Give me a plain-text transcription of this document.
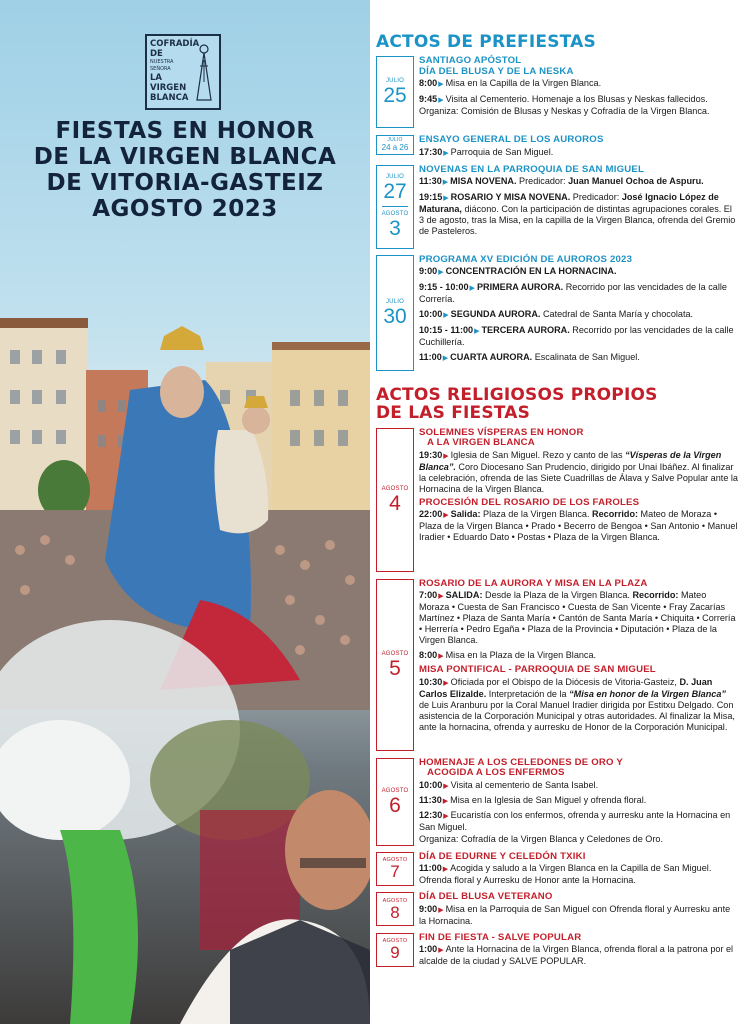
COFRADÍA
DE
NUESTRA SEÑORA
LA
VIRGEN
BLANCA
FIESTAS EN HONOR
DE LA VIRGEN BLANCA
DE VITORIA-GASTEIZ
AGOSTO 2023
ACTOS DE PREFIESTAS
JULIO
25
SANTIAGO APÓSTOL
DÍA DEL BLUSA Y DE LA NESKA
8:00▶ Misa en la Capilla de la Virgen Blanca.
9:45▶ Visita al Cementerio. Homenaje a los Blusas y Neskas fallecidos. Organiza: Comisión de Blusas y Neskas y Cofradía de la Virgen Blanca.
JULIO
24 a 26
ENSAYO GENERAL DE LOS AUROROS
17:30▶ Parroquia de San Miguel.
JULIO
27
AGOSTO
3
NOVENAS EN LA PARROQUIA DE SAN MIGUEL
11:30▶ MISA NOVENA. Predicador: Juan Manuel Ochoa de Aspuru.
19:15▶ ROSARIO Y MISA NOVENA. Predicador: José Ignacio López de Maturana, diácono. Con la participación de distintas agrupaciones corales. El 3 de agosto, tras la Misa, en la capilla de la Virgen Blanca, ofrenda del Gremio de Pasteleros.
JULIO
30
PROGRAMA XV EDICIÓN DE AUROROS 2023
9:00▶ CONCENTRACIÓN EN LA HORNACINA.
9:15 - 10:00▶ PRIMERA AURORA. Recorrido por las vencidades de la calle Correría.
10:00▶ SEGUNDA AURORA. Catedral de Santa María y chocolata.
10:15 - 11:00▶ TERCERA AURORA. Recorrido por las vencidades de la calle Cuchillería.
11:00▶ CUARTA AURORA. Escalinata de San Miguel.
ACTOS RELIGIOSOS PROPIOS
DE LAS FIESTAS
AGOSTO
4
SOLEMNES VÍSPERAS EN HONOR
A LA VIRGEN BLANCA
19:30▶ Iglesia de San Miguel. Rezo y canto de las “Vísperas de la Virgen Blanca”. Coro Diocesano San Prudencio, dirigido por Unai Ibáñez. Al finalizar la celebración, ofrenda de las Siete Cuadrillas de Álava y Salve Popular ante la Hornacina de la Virgen Blanca.
PROCESIÓN DEL ROSARIO DE LOS FAROLES
22:00▶ Salida: Plaza de la Virgen Blanca. Recorrido: Mateo de Moraza • Plaza de la Virgen Blanca • Prado • Becerro de Bengoa • San Antonio • Manuel Iradier • Eduardo Dato • Postas • Plaza de la Virgen Blanca.
AGOSTO
5
ROSARIO DE LA AURORA Y MISA EN LA PLAZA
7:00▶ SALIDA: Desde la Plaza de la Virgen Blanca. Recorrido: Mateo Moraza • Cuesta de San Francisco • Cuesta de San Vicente • Fray Zacarías Martínez • Plaza de Santa María • Cantón de Santa María • Chiquita • Correría • Herrería • Pedro Egaña • Plaza de la Provincia • Diputación • Plaza de la Virgen Blanca.
8:00▶ Misa en la Plaza de la Virgen Blanca.
MISA PONTIFICAL - PARROQUIA DE SAN MIGUEL
10:30▶ Oficiada por el Obispo de la Diócesis de Vitoria-Gasteiz, D. Juan Carlos Elizalde. Interpretación de la “Misa en honor de la Virgen Blanca” de Luis Aranburu por la Coral Manuel Iradier dirigida por Estitxu Delgado. Con asistencia de la Corporación Municipal y otras autoridades. Al finalizar la Misa, ante la hornacina, ofrenda y aurresku de Honor de la Corporación Municipal.
AGOSTO
6
HOMENAJE A LOS CELEDONES DE ORO Y
ACOGIDA A LOS ENFERMOS
10:00▶ Visita al cementerio de Santa Isabel.
11:30▶ Misa en la Iglesia de San Miguel y ofrenda floral.
12:30▶ Eucaristía con los enfermos, ofrenda y aurresku ante la Hornacina en San Miguel.
Organiza: Cofradía de la Virgen Blanca y Celedones de Oro.
AGOSTO
7
DÍA DE EDURNE Y CELEDÓN TXIKI
11:00▶ Acogida y saludo a la Virgen Blanca en la Capilla de San Miguel. Ofrenda floral y Aurresku de Honor ante la Hornacina.
AGOSTO
8
DÍA DEL BLUSA VETERANO
9:00▶ Misa en la Parroquia de San Miguel con Ofrenda floral y Aurresku ante la Hornacina.
AGOSTO
9
FIN DE FIESTA - SALVE POPULAR
1:00▶ Ante la Hornacina de la Virgen Blanca, ofrenda floral a la patrona por el alcalde de la ciudad y SALVE POPULAR.
